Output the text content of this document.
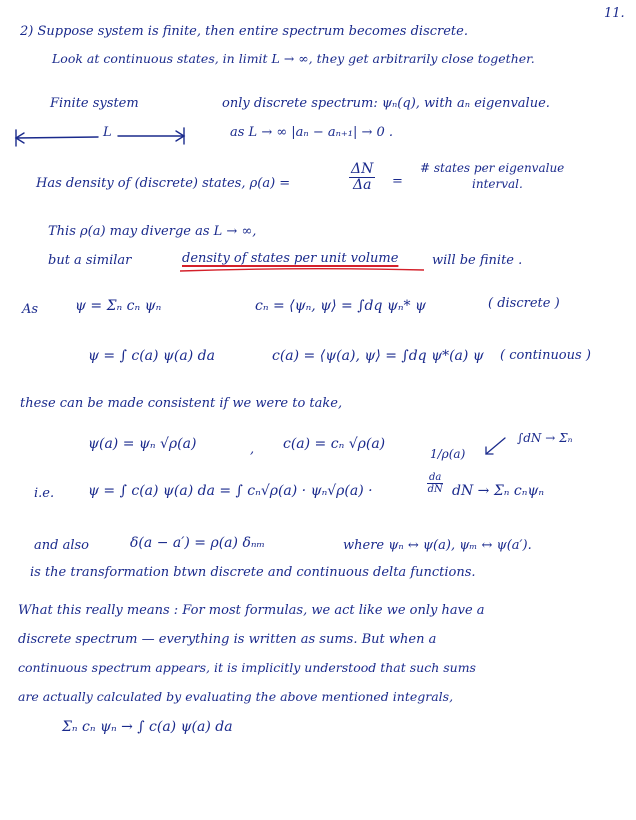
11.
2) Suppose system is finite, then entire spectrum becomes discrete.
Look at continuous states, in limit L → ∞, they get arbitrarily close together.
Finite system	only discrete spectrum: ψₙ(q), with aₙ eigenvalue.
L	as L → ∞ |aₙ − aₙ₊₁| → 0 .
Has density of (discrete) states, ρ(a) =	$\frac{\Delta N}{\Delta a}$ =
# states per eigenvalue
interval.
This ρ(a) may diverge as L → ∞,
but a similar	density of states per unit volume	will be finite .
As	ψ = Σₙ cₙ ψₙ	cₙ = ⟨ψₙ, ψ⟩ = ∫dq ψₙ* ψ	( discrete )
ψ = ∫ c(a) ψ(a) da	c(a) = ⟨ψ(a), ψ⟩ = ∫dq ψ*(a) ψ ( continuous )
these can be made consistent if we were to take,
ψ(a) = ψₙ √ρ(a)	, c(a) = cₙ √ρ(a)
1/ρ(a)
∫dN → Σₙ
i.e. ψ = ∫ c(a) ψ(a) da = ∫ cₙ√ρ(a) · ψₙ√ρ(a) ·	$\frac{da}{dN}$ dN → Σₙ cₙψₙ
and also	δ(a − a′) = ρ(a) δₙₘ	where ψₙ ↔ ψ(a), ψₘ ↔ ψ(a′).
is the transformation btwn discrete and continuous delta functions.
What this really means : For most formulas, we act like we only have a
discrete spectrum — everything is written as sums. But when a
continuous spectrum appears, it is implicitly understood that such sums
are actually calculated by evaluating the above mentioned integrals,
Σₙ cₙ ψₙ → ∫ c(a) ψ(a) da
